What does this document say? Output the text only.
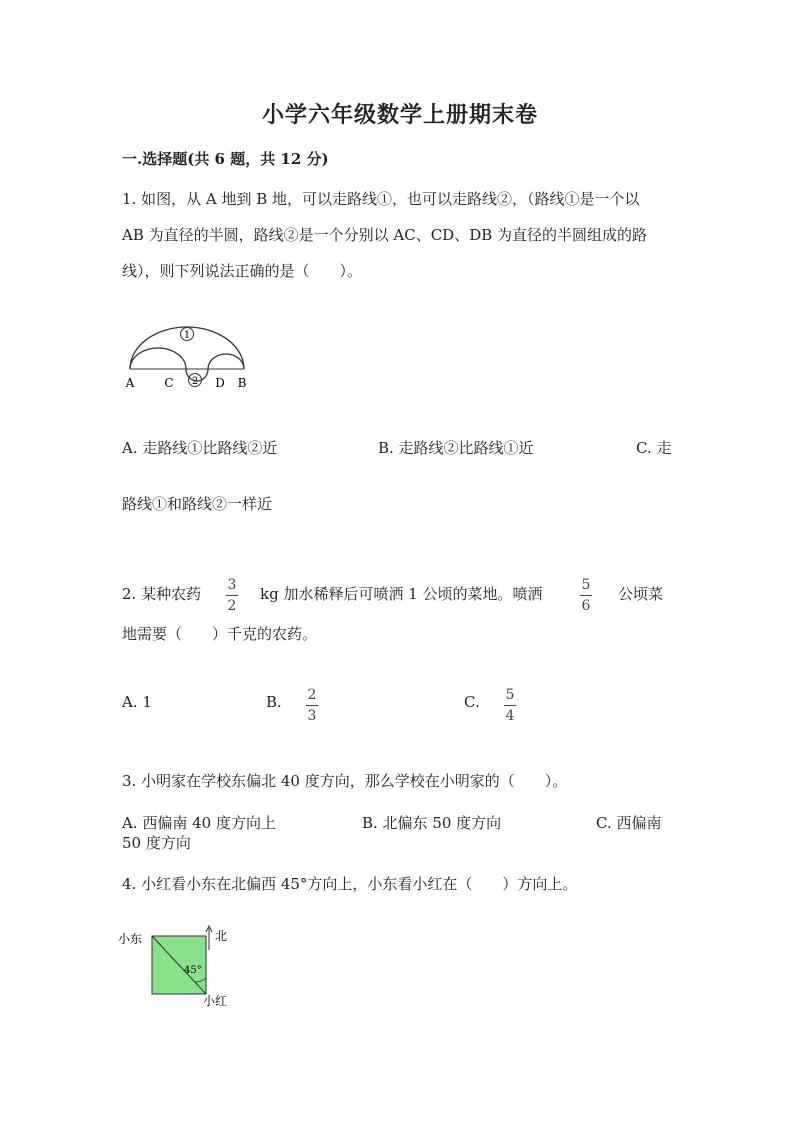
小学六年级数学上册期末卷
一.选择题(共 6 题，共 12 分)
1. 如图，从 A 地到 B 地，可以走路线①，也可以走路线②，（路线①是一个以
AB 为直径的半圆，路线②是一个分别以 AC、CD、DB 为直径的半圆组成的路
线），则下列说法正确的是（　　）。
1
2
A	C	D B
A. 走路线①比路线②近	B. 走路线②比路线①近	C. 走
路线①和路线②一样近
2. 某种农药 3
2
kg 加水稀释后可喷洒 1 公顷的菜地。喷洒	5
6
公顷菜
地需要（　　）千克的农药。
A. 1	B. 2
3
C. 5
4
3. 小明家在学校东偏北 40 度方向，那么学校在小明家的（　　）。
A. 西偏南 40 度方向上	B. 北偏东 50 度方向	C. 西偏南
50 度方向
4. 小红看小东在北偏西 45°方向上，小东看小红在（　　）方向上。
小东	北
45°
小红
